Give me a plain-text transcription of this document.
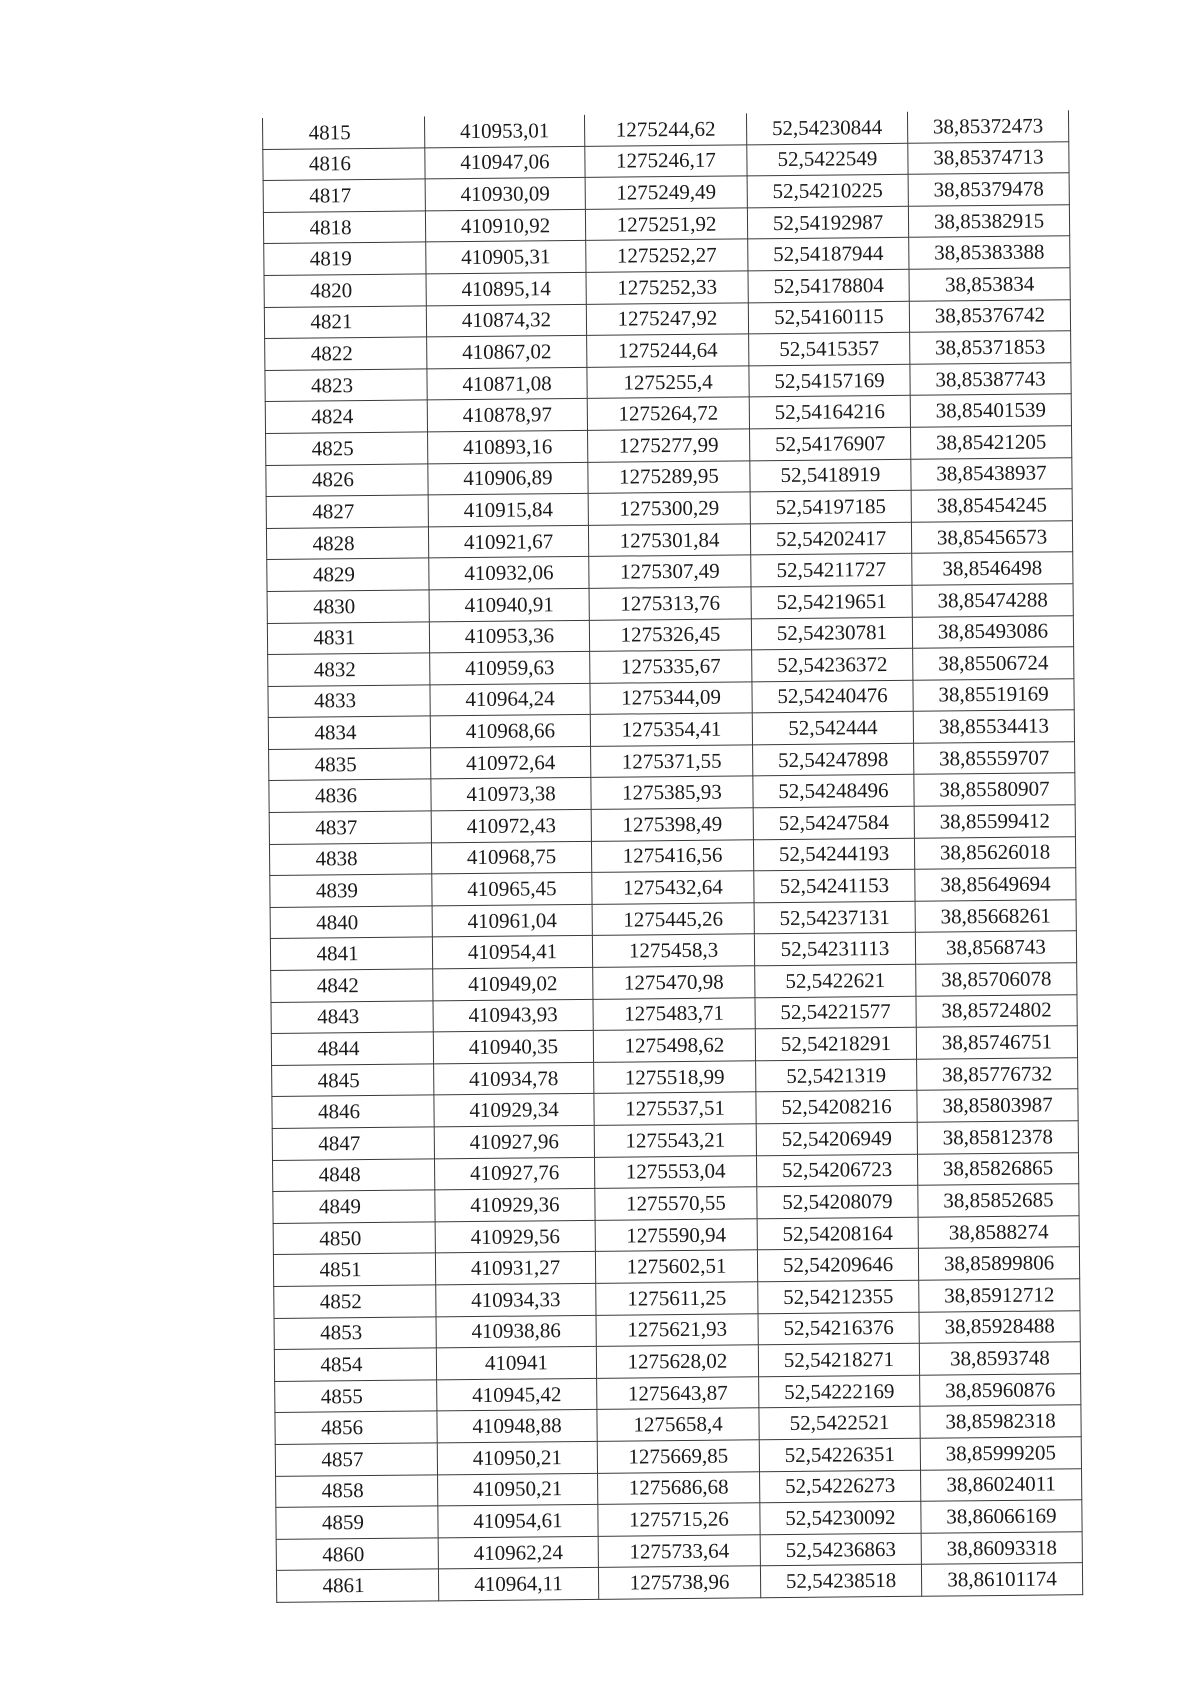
4815	410953,01	1275244,62	52,54230844	38,85372473
4816	410947,06	1275246,17	52,5422549	38,85374713
4817	410930,09	1275249,49	52,54210225	38,85379478
4818	410910,92	1275251,92	52,54192987	38,85382915
4819	410905,31	1275252,27	52,54187944	38,85383388
4820	410895,14	1275252,33	52,54178804	38,853834
4821	410874,32	1275247,92	52,54160115	38,85376742
4822	410867,02	1275244,64	52,5415357	38,85371853
4823	410871,08	1275255,4	52,54157169	38,85387743
4824	410878,97	1275264,72	52,54164216	38,85401539
4825	410893,16	1275277,99	52,54176907	38,85421205
4826	410906,89	1275289,95	52,5418919	38,85438937
4827	410915,84	1275300,29	52,54197185	38,85454245
4828	410921,67	1275301,84	52,54202417	38,85456573
4829	410932,06	1275307,49	52,54211727	38,8546498
4830	410940,91	1275313,76	52,54219651	38,85474288
4831	410953,36	1275326,45	52,54230781	38,85493086
4832	410959,63	1275335,67	52,54236372	38,85506724
4833	410964,24	1275344,09	52,54240476	38,85519169
4834	410968,66	1275354,41	52,542444	38,85534413
4835	410972,64	1275371,55	52,54247898	38,85559707
4836	410973,38	1275385,93	52,54248496	38,85580907
4837	410972,43	1275398,49	52,54247584	38,85599412
4838	410968,75	1275416,56	52,54244193	38,85626018
4839	410965,45	1275432,64	52,54241153	38,85649694
4840	410961,04	1275445,26	52,54237131	38,85668261
4841	410954,41	1275458,3	52,54231113	38,8568743
4842	410949,02	1275470,98	52,5422621	38,85706078
4843	410943,93	1275483,71	52,54221577	38,85724802
4844	410940,35	1275498,62	52,54218291	38,85746751
4845	410934,78	1275518,99	52,5421319	38,85776732
4846	410929,34	1275537,51	52,54208216	38,85803987
4847	410927,96	1275543,21	52,54206949	38,85812378
4848	410927,76	1275553,04	52,54206723	38,85826865
4849	410929,36	1275570,55	52,54208079	38,85852685
4850	410929,56	1275590,94	52,54208164	38,8588274
4851	410931,27	1275602,51	52,54209646	38,85899806
4852	410934,33	1275611,25	52,54212355	38,85912712
4853	410938,86	1275621,93	52,54216376	38,85928488
4854	410941	1275628,02	52,54218271	38,8593748
4855	410945,42	1275643,87	52,54222169	38,85960876
4856	410948,88	1275658,4	52,5422521	38,85982318
4857	410950,21	1275669,85	52,54226351	38,85999205
4858	410950,21	1275686,68	52,54226273	38,86024011
4859	410954,61	1275715,26	52,54230092	38,86066169
4860	410962,24	1275733,64	52,54236863	38,86093318
4861	410964,11	1275738,96	52,54238518	38,86101174
